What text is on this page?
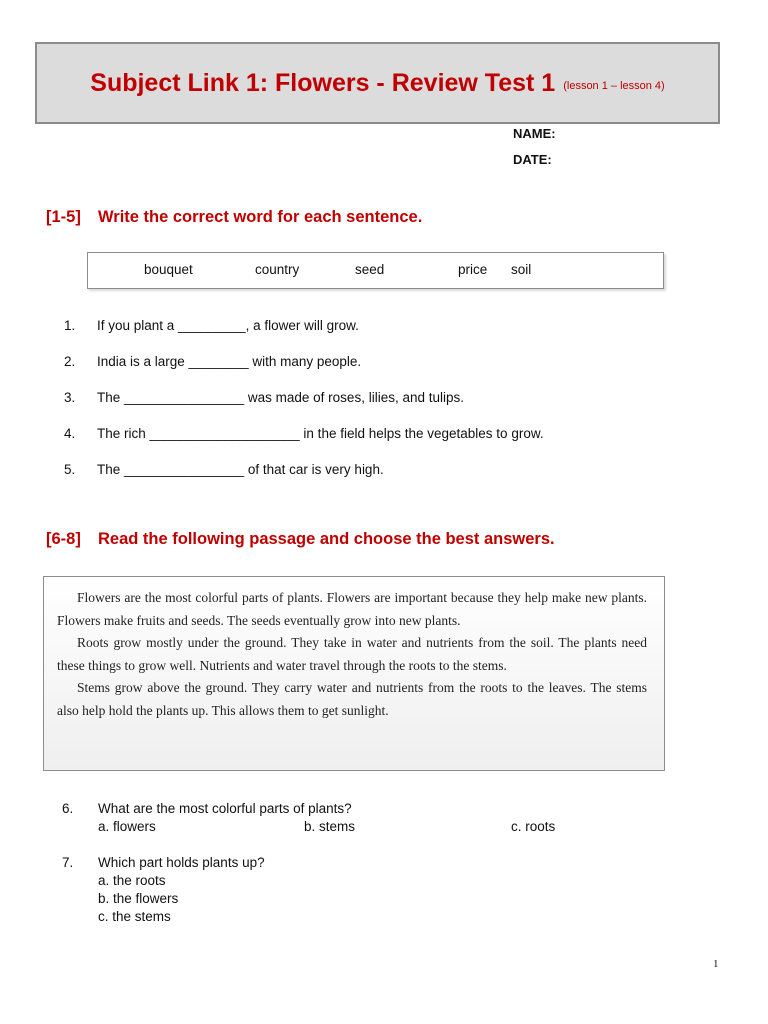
Subject Link 1: Flowers - Review Test 1 (lesson 1 – lesson 4)
NAME:
DATE:
[1-5] Write the correct word for each sentence.
bouquet	country	seed	price soil
1.	If you plant a _________, a flower will grow.
2.	India is a large ________ with many people.
3.	The ________________ was made of roses, lilies, and tulips.
4.	The rich ____________________ in the field helps the vegetables to grow.
5.	The ________________ of that car is very high.
[6-8] Read the following passage and choose the best answers.

Flowers are the most colorful parts of plants. Flowers are important because they help make new plants. Flowers make fruits and seeds. The seeds eventually grow into new plants.

Roots grow mostly under the ground. They take in water and nutrients from the soil. The plants need these things to grow well. Nutrients and water travel through the roots to the stems.

Stems grow above the ground. They carry water and nutrients from the roots to the leaves. The stems also help hold the plants up. This allows them to get sunlight.

6. What are the most colorful parts of plants?
a. flowers	b. stems	c. roots
7. Which part holds plants up?
a. the roots
b. the flowers
c. the stems
1
